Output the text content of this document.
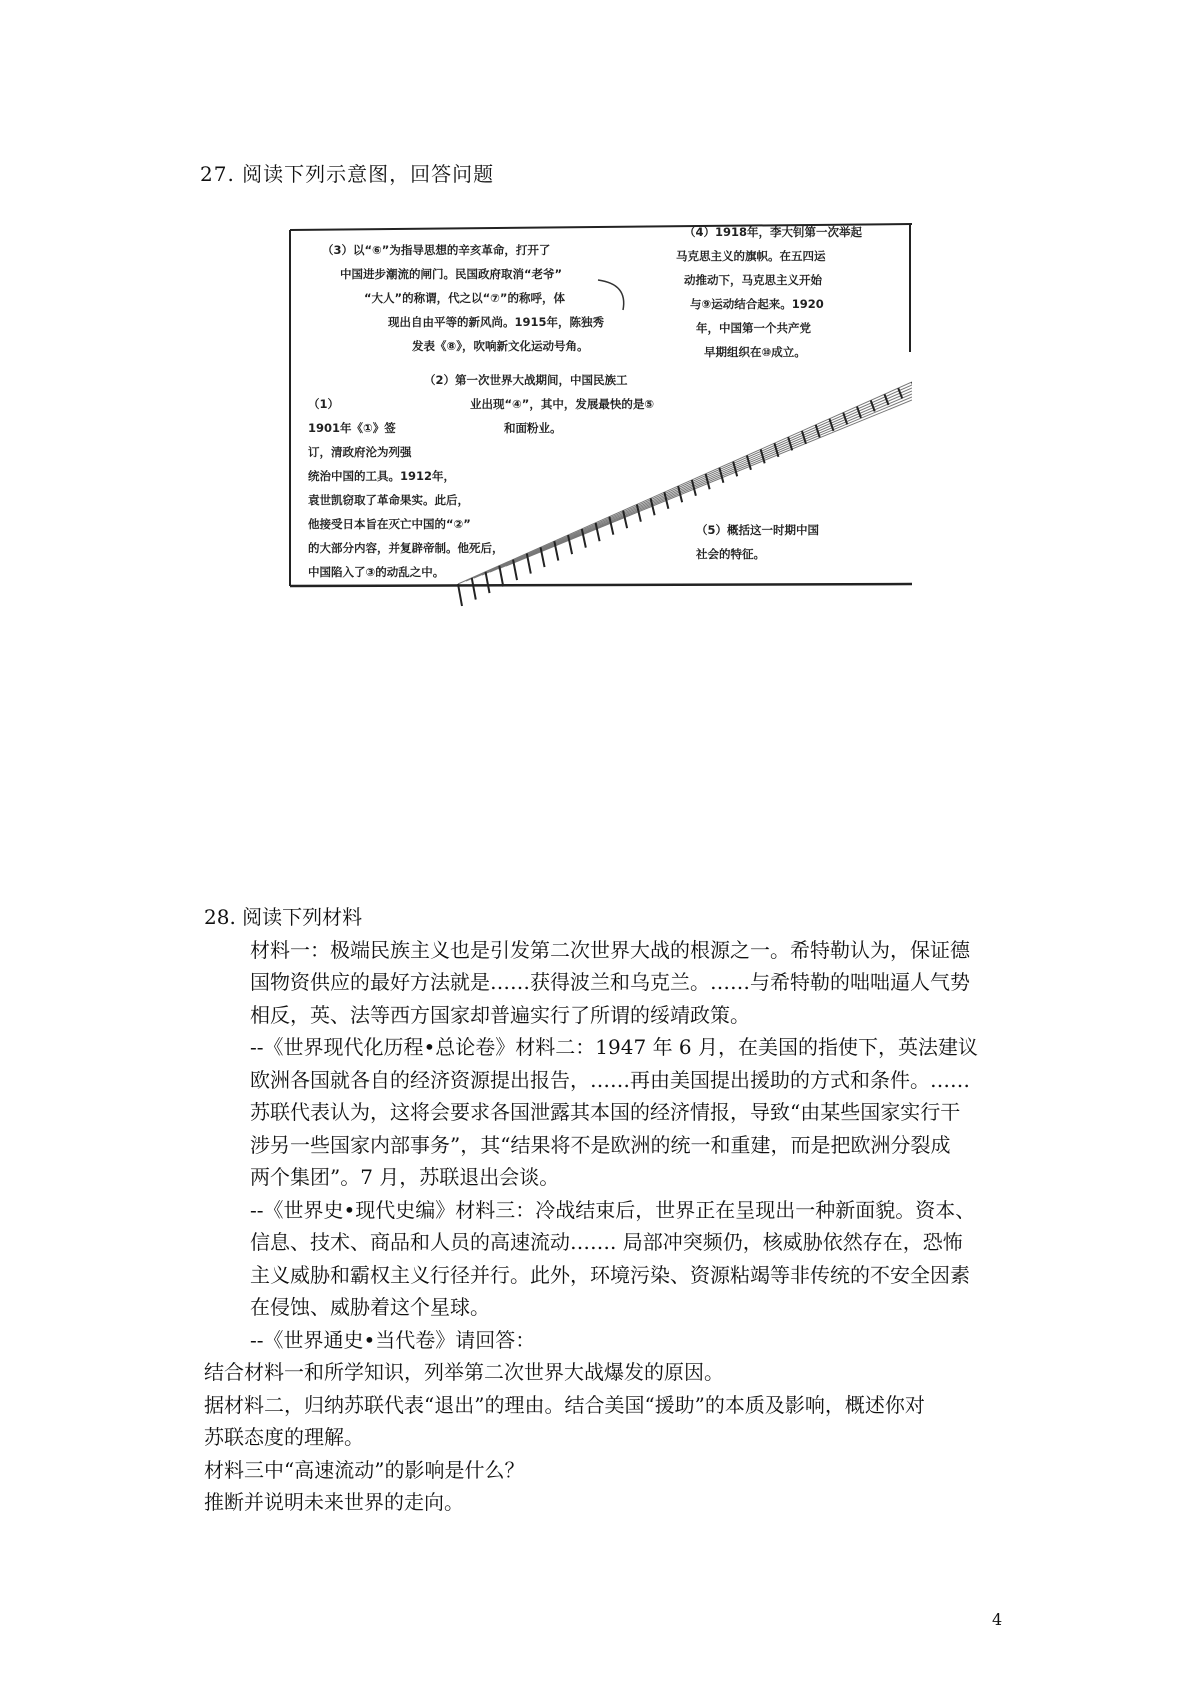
27. 阅读下列示意图，回答问题
（3）以“⑥”为指导思想的辛亥革命，打开了
中国进步潮流的闸门。民国政府取消“老爷”
“大人”的称谓，代之以“⑦”的称呼，体
现出自由平等的新风尚。1915年，陈独秀
发表《⑧》，吹响新文化运动号角。
（4）1918年，李大钊第一次举起
马克思主义的旗帜。在五四运
动推动下，马克思主义开始
与⑨运动结合起来。1920
年，中国第一个共产党
早期组织在⑩成立。
（2）第一次世界大战期间，中国民族工
业出现“④”，其中，发展最快的是⑤
和面粉业。
（1）
1901年《①》签
订，清政府沦为列强
统治中国的工具。1912年，
袁世凯窃取了革命果实。此后，
他接受日本旨在灭亡中国的“②”
的大部分内容，并复辟帝制。他死后，
中国陷入了③的动乱之中。
（5）概括这一时期中国
社会的特征。
28. 阅读下列材料
材料一：极端民族主义也是引发第二次世界大战的根源之一。希特勒认为，保证德
国物资供应的最好方法就是……获得波兰和乌克兰。……与希特勒的咄咄逼人气势
相反，英、法等西方国家却普遍实行了所谓的绥靖政策。
--《世界现代化历程•总论卷》材料二：1947 年 6 月，在美国的指使下，英法建议
欧洲各国就各自的经济资源提出报告，……再由美国提出援助的方式和条件。……
苏联代表认为，这将会要求各国泄露其本国的经济情报，导致“由某些国家实行干
涉另一些国家内部事务”，其“结果将不是欧洲的统一和重建，而是把欧洲分裂成
两个集团”。7 月，苏联退出会谈。
--《世界史•现代史编》材料三：冷战结束后，世界正在呈现出一种新面貌。资本、
信息、技术、商品和人员的高速流动……. 局部冲突频仍，核威胁依然存在，恐怖
主义威胁和霸权主义行径并行。此外，环境污染、资源粘竭等非传统的不安全因素
在侵蚀、威胁着这个星球。
--《世界通史•当代卷》请回答：
结合材料一和所学知识，列举第二次世界大战爆发的原因。
据材料二，归纳苏联代表“退出”的理由。结合美国“援助”的本质及影响，概述你对
苏联态度的理解。
材料三中“高速流动”的影响是什么？
推断并说明未来世界的走向。
4
